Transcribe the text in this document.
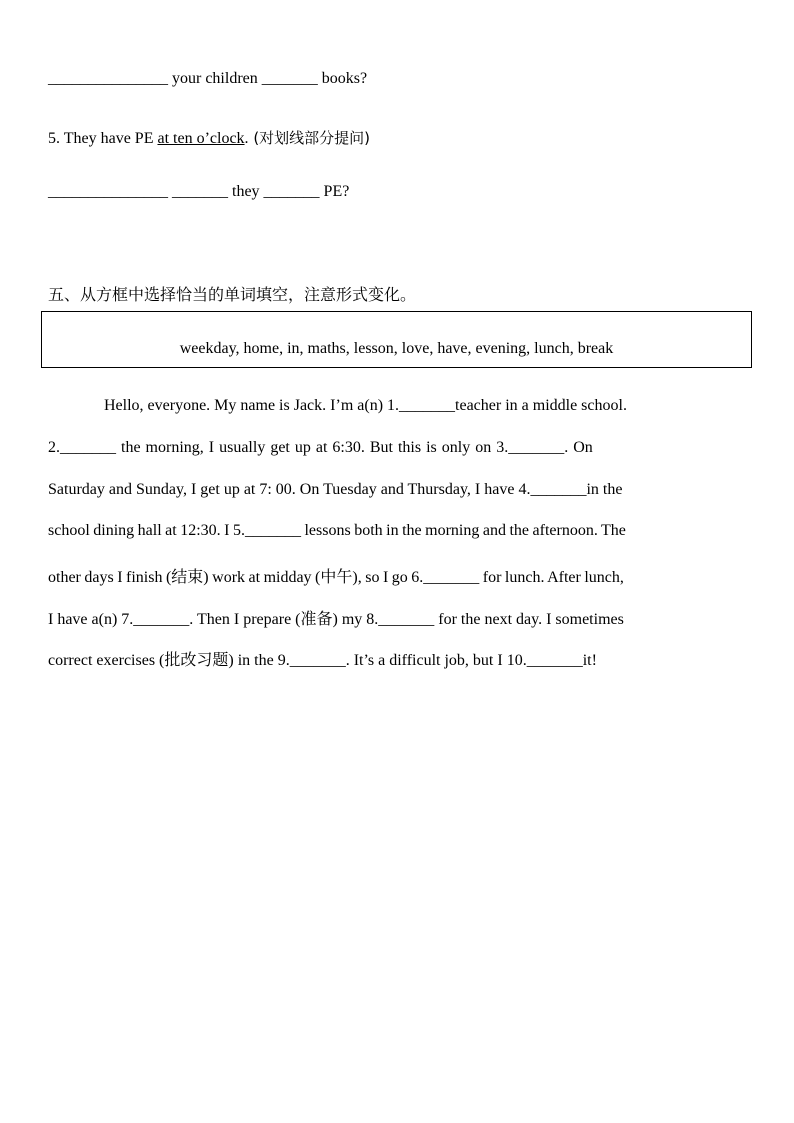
_______________ your children _______ books?
5. They have PE at ten o’clock. (对划线部分提问)
_______________ _______ they _______ PE?
五、从方框中选择恰当的单词填空，注意形式变化。
weekday, home, in, maths, lesson, love, have, evening, lunch, break
Hello, everyone. My name is Jack. I’m a(n) 1._______teacher in a middle school.
2._______ the morning, I usually get up at 6:30. But this is only on 3._______. On
Saturday and Sunday, I get up at 7: 00. On Tuesday and Thursday, I have 4._______in the
school dining hall at 12:30. I 5._______ lessons both in the morning and the afternoon. The
other days I finish (结束) work at midday (中午), so I go 6._______ for lunch. After lunch,
I have a(n) 7._______. Then I prepare (准备) my 8._______ for the next day. I sometimes
correct exercises (批改习题) in the 9._______. It’s a difficult job, but I 10._______it!
